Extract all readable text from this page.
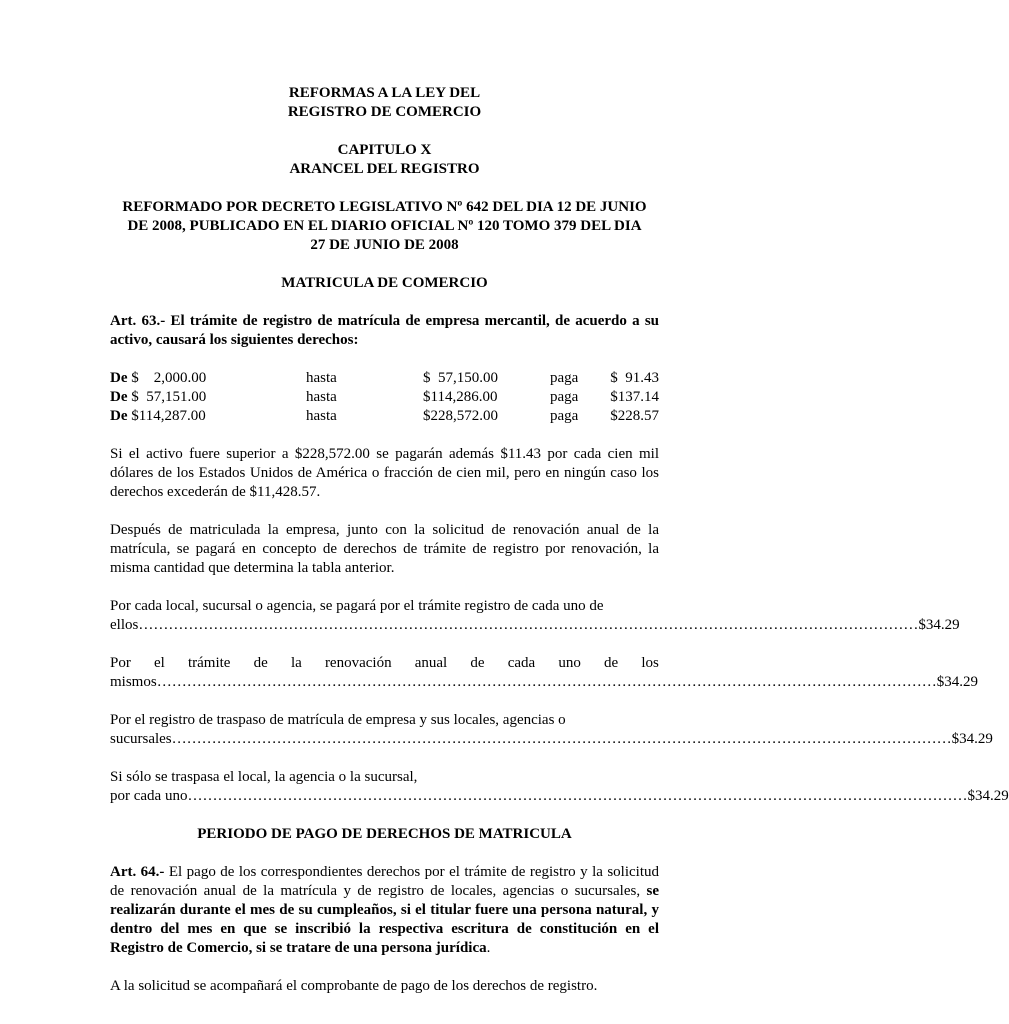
REFORMAS A LA LEY DEL

REGISTRO DE COMERCIO

CAPITULO X

ARANCEL DEL REGISTRO

REFORMADO POR DECRETO LEGISLATIVO Nº 642 DEL DIA 12 DE JUNIO

DE 2008, PUBLICADO EN EL DIARIO OFICIAL Nº 120 TOMO 379 DEL DIA

27 DE JUNIO DE 2008

MATRICULA DE COMERCIO

Art. 63.- El trámite de registro de matrícula de empresa mercantil, de acuerdo a su activo, causará los siguientes derechos:

De $    2,000.00	hasta	$  57,150.00	paga $  91.43
De $  57,151.00	hasta	$114,286.00	paga $137.14
De $114,287.00	hasta	$228,572.00	paga $228.57

Si el activo fuere superior a $228,572.00 se pagarán además $11.43 por cada cien mil dólares de los Estados Unidos de América o fracción de cien mil, pero en ningún caso los derechos excederán de $11,428.57.

Después de matriculada la empresa, junto con la solicitud de renovación anual de la matrícula, se pagará en concepto de derechos de trámite de registro por renovación, la misma cantidad que determina la tabla anterior.

Por cada local, sucursal o agencia, se pagará por el trámite registro de cada uno de

ellos ………………………………………………………………………………………………………………………………………… $34.29
Por el trámite de la renovación anual de cada uno de los
mismos ………………………………………………………………………………………………………………………………………… $34.29

Por el registro de traspaso de matrícula de empresa y sus locales, agencias o

sucursales ………………………………………………………………………………………………………………………………………… $34.29

Si sólo se traspasa el local, la agencia o la sucursal,

por cada uno ………………………………………………………………………………………………………………………………………… $34.29

PERIODO DE PAGO DE DERECHOS DE MATRICULA

Art. 64.- El pago de los correspondientes derechos por el trámite de registro y la solicitud de renovación anual de la matrícula y de registro de locales, agencias o sucursales, se realizarán durante el mes de su cumpleaños, si el titular fuere una persona natural, y dentro del mes en que se inscribió la respectiva escritura de constitución en el Registro de Comercio, si se tratare de una persona jurídica.

A la solicitud se acompañará el comprobante de pago de los derechos de registro.
